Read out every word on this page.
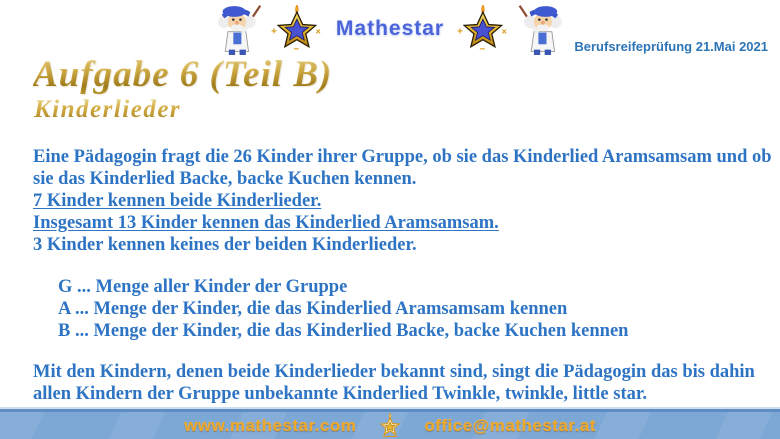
+	×
−
Mathestar	+	×
−	Berufsreifeprüfung 21.Mai 2021
Aufgabe 6 (Teil B)
Kinderlieder
Eine Pädagogin fragt die 26 Kinder ihrer Gruppe, ob sie das Kinderlied Aramsamsam und ob
sie das Kinderlied Backe, backe Kuchen kennen.
7 Kinder kennen beide Kinderlieder.
Insgesamt 13 Kinder kennen das Kinderlied Aramsamsam.
3 Kinder kennen keines der beiden Kinderlieder.
G ... Menge aller Kinder der Gruppe
A ... Menge der Kinder, die das Kinderlied Aramsamsam kennen
B ... Menge der Kinder, die das Kinderlied Backe, backe Kuchen kennen
Mit den Kindern, denen beide Kinderlieder bekannt sind, singt die Pädagogin das bis dahin
allen Kindern der Gruppe unbekannte Kinderlied Twinkle, twinkle, little star.
www.mathestar.com	office@mathestar.at
